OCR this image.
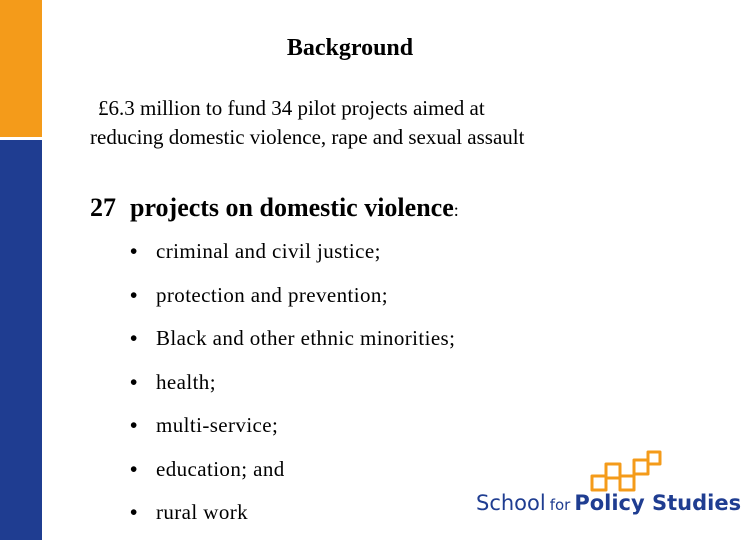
Background
£6.3 million to fund 34 pilot projects aimed at
reducing domestic violence, rape and sexual assault
27 projects on domestic violence:
• criminal and civil justice;
• protection and prevention;
• Black and other ethnic minorities;
• health;
• multi-service;
• education; and
• rural work	School for Policy Studies
